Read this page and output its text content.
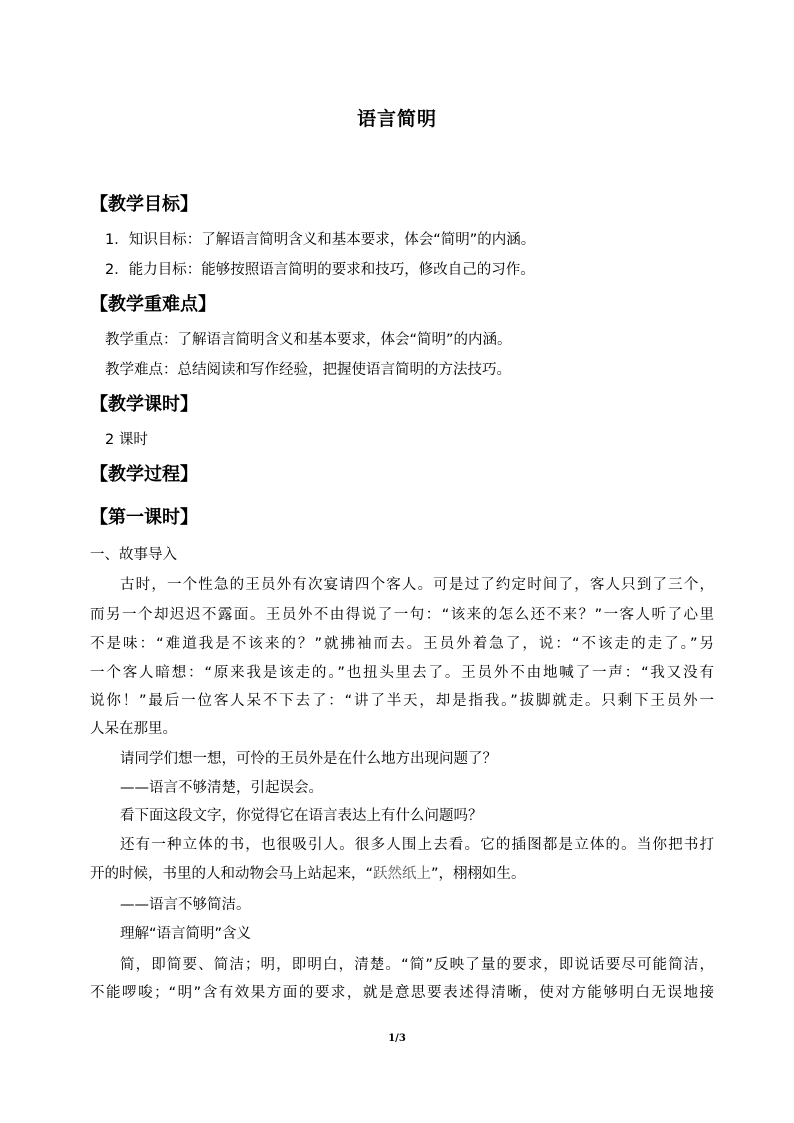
语言简明
【教学目标】
1．知识目标：了解语言简明含义和基本要求，体会“简明”的内涵。
2．能力目标：能够按照语言简明的要求和技巧，修改自己的习作。
【教学重难点】
教学重点：了解语言简明含义和基本要求，体会“简明”的内涵。
教学难点：总结阅读和写作经验，把握使语言简明的方法技巧。
【教学课时】
2 课时
【教学过程】
【第一课时】
一、故事导入
古时，一个性急的王员外有次宴请四个客人。可是过了约定时间了，客人只到了三个，
而另一个却迟迟不露面。王员外不由得说了一句：“该来的怎么还不来？”一客人听了心里
不是味：“难道我是不该来的？”就拂袖而去。王员外着急了，说：“不该走的走了。”另
一个客人暗想：“原来我是该走的。”也扭头里去了。王员外不由地喊了一声：“我又没有
说你！”最后一位客人呆不下去了：“讲了半天，却是指我。”拔脚就走。只剩下王员外一
人呆在那里。
请同学们想一想，可怜的王员外是在什么地方出现问题了？
——语言不够清楚，引起误会。
看下面这段文字，你觉得它在语言表达上有什么问题吗？
还有一种立体的书，也很吸引人。很多人围上去看。它的插图都是立体的。当你把书打
开的时候，书里的人和动物会马上站起来，“跃然纸上”，栩栩如生。
——语言不够简洁。
理解“语言简明”含义
简，即简要、简洁；明，即明白，清楚。“简”反映了量的要求，即说话要尽可能简洁，
不能啰唆；“明”含有效果方面的要求，就是意思要表述得清晰，使对方能够明白无误地接
1/3
